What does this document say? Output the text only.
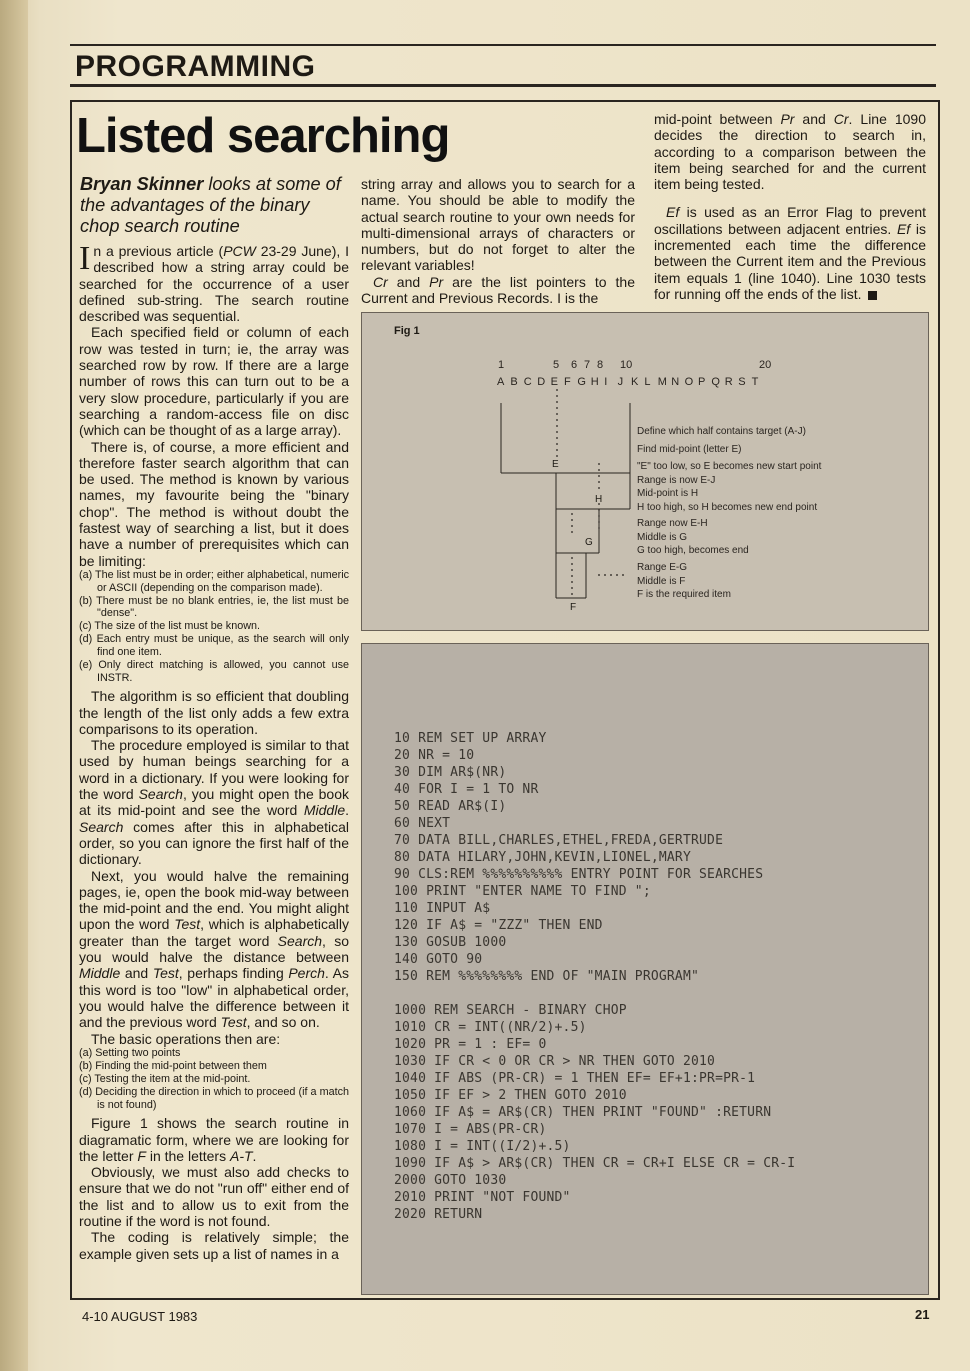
PROGRAMMING
Listed searching
Bryan Skinner looks at some of the advantages of the binary chop search routine

In a previous article (PCW 23-29 June), I described how a string array could be searched for the occurrence of a user defined sub-string. The search routine described was sequential.

Each specified field or column of each row was tested in turn; ie, the array was searched row by row. If there are a large number of rows this can turn out to be a very slow procedure, particularly if you are searching a random-access file on disc (which can be thought of as a large array).

There is, of course, a more efficient and therefore faster search algorithm that can be used. The method is known by various names, my favourite being the "binary chop". The method is without doubt the fastest way of searching a list, but it does have a number of prerequisites which can be limiting:

(a) The list must be in order; either alphabetical, numeric or ASCII (depending on the comparison made).
(b) There must be no blank entries, ie, the list must be "dense".
(c) The size of the list must be known.
(d) Each entry must be unique, as the search will only find one item.
(e) Only direct matching is allowed, you cannot use INSTR.

The algorithm is so efficient that doubling the length of the list only adds a few extra comparisons to its operation.

The procedure employed is similar to that used by human beings searching for a word in a dictionary. If you were looking for the word Search, you might open the book at its mid-point and see the word Middle. Search comes after this in alphabetical order, so you can ignore the first half of the dictionary.

Next, you would halve the remaining pages, ie, open the book mid-way between the mid-point and the end. You might alight upon the word Test, which is alphabetically greater than the target word Search, so you would halve the distance between Middle and Test, perhaps finding Perch. As this word is too "low" in alphabetical order, you would halve the difference between it and the previous word Test, and so on.

The basic operations then are:

(a) Setting two points
(b) Finding the mid-point between them
(c) Testing the item at the mid-point.
(d) Deciding the direction in which to proceed (if a match is not found)

Figure 1 shows the search routine in diagramatic form, where we are looking for the letter F in the letters A-T.

Obviously, we must also add checks to ensure that we do not "run off" either end of the list and to allow us to exit from the routine if the word is not found.

The coding is relatively simple; the example given sets up a list of names in a

string array and allows you to search for a name. You should be able to modify the actual search routine to your own needs for multi-dimensional arrays of characters or numbers, but do not forget to alter the relevant variables!

Cr and Pr are the list pointers to the Current and Previous Records. I is the

mid-point between Pr and Cr. Line 1090 decides the direction to search in, according to a comparison between the item being searched for and the current item being tested.

Ef is used as an Error Flag to prevent oscillations between adjacent entries. Ef is incremented each time the difference between the Current item and the Previous item equals 1 (line 1040). Line 1030 tests for running off the ends of the list.

Fig 1
1	5 6 7 8 10	20
A B C D E F G H I J K L M N O P Q R S T
E
H
G
F
Define which half contains target (A-J)
Find mid-point (letter E)
"E" too low, so E becomes new start point
Range is now E-J
Mid-point is H
H too high, so H becomes new end point
Range now E-H
Middle is G
G too high, becomes end
Range E-G
Middle is F
F is the required item
10 REM SET UP ARRAY
20 NR = 10
30 DIM AR$(NR)
40 FOR I = 1 TO NR
50 READ AR$(I)
60 NEXT
70 DATA BILL,CHARLES,ETHEL,FREDA,GERTRUDE
80 DATA HILARY,JOHN,KEVIN,LIONEL,MARY
90 CLS:REM %%%%%%%%%% ENTRY POINT FOR SEARCHES
100 PRINT "ENTER NAME TO FIND ";
110 INPUT A$
120 IF A$ = "ZZZ" THEN END
130 GOSUB 1000
140 GOTO 90
150 REM %%%%%%%% END OF "MAIN PROGRAM"

1000 REM SEARCH - BINARY CHOP
1010 CR = INT((NR/2)+.5)
1020 PR = 1 : EF= 0
1030 IF CR < 0 OR CR > NR THEN GOTO 2010
1040 IF ABS (PR-CR) = 1 THEN EF= EF+1:PR=PR-1
1050 IF EF > 2 THEN GOTO 2010
1060 IF A$ = AR$(CR) THEN PRINT "FOUND" :RETURN
1070 I = ABS(PR-CR)
1080 I = INT((I/2)+.5)
1090 IF A$ > AR$(CR) THEN CR = CR+I ELSE CR = CR-I
2000 GOTO 1030
2010 PRINT "NOT FOUND"
2020 RETURN
4-10 AUGUST 1983	21
